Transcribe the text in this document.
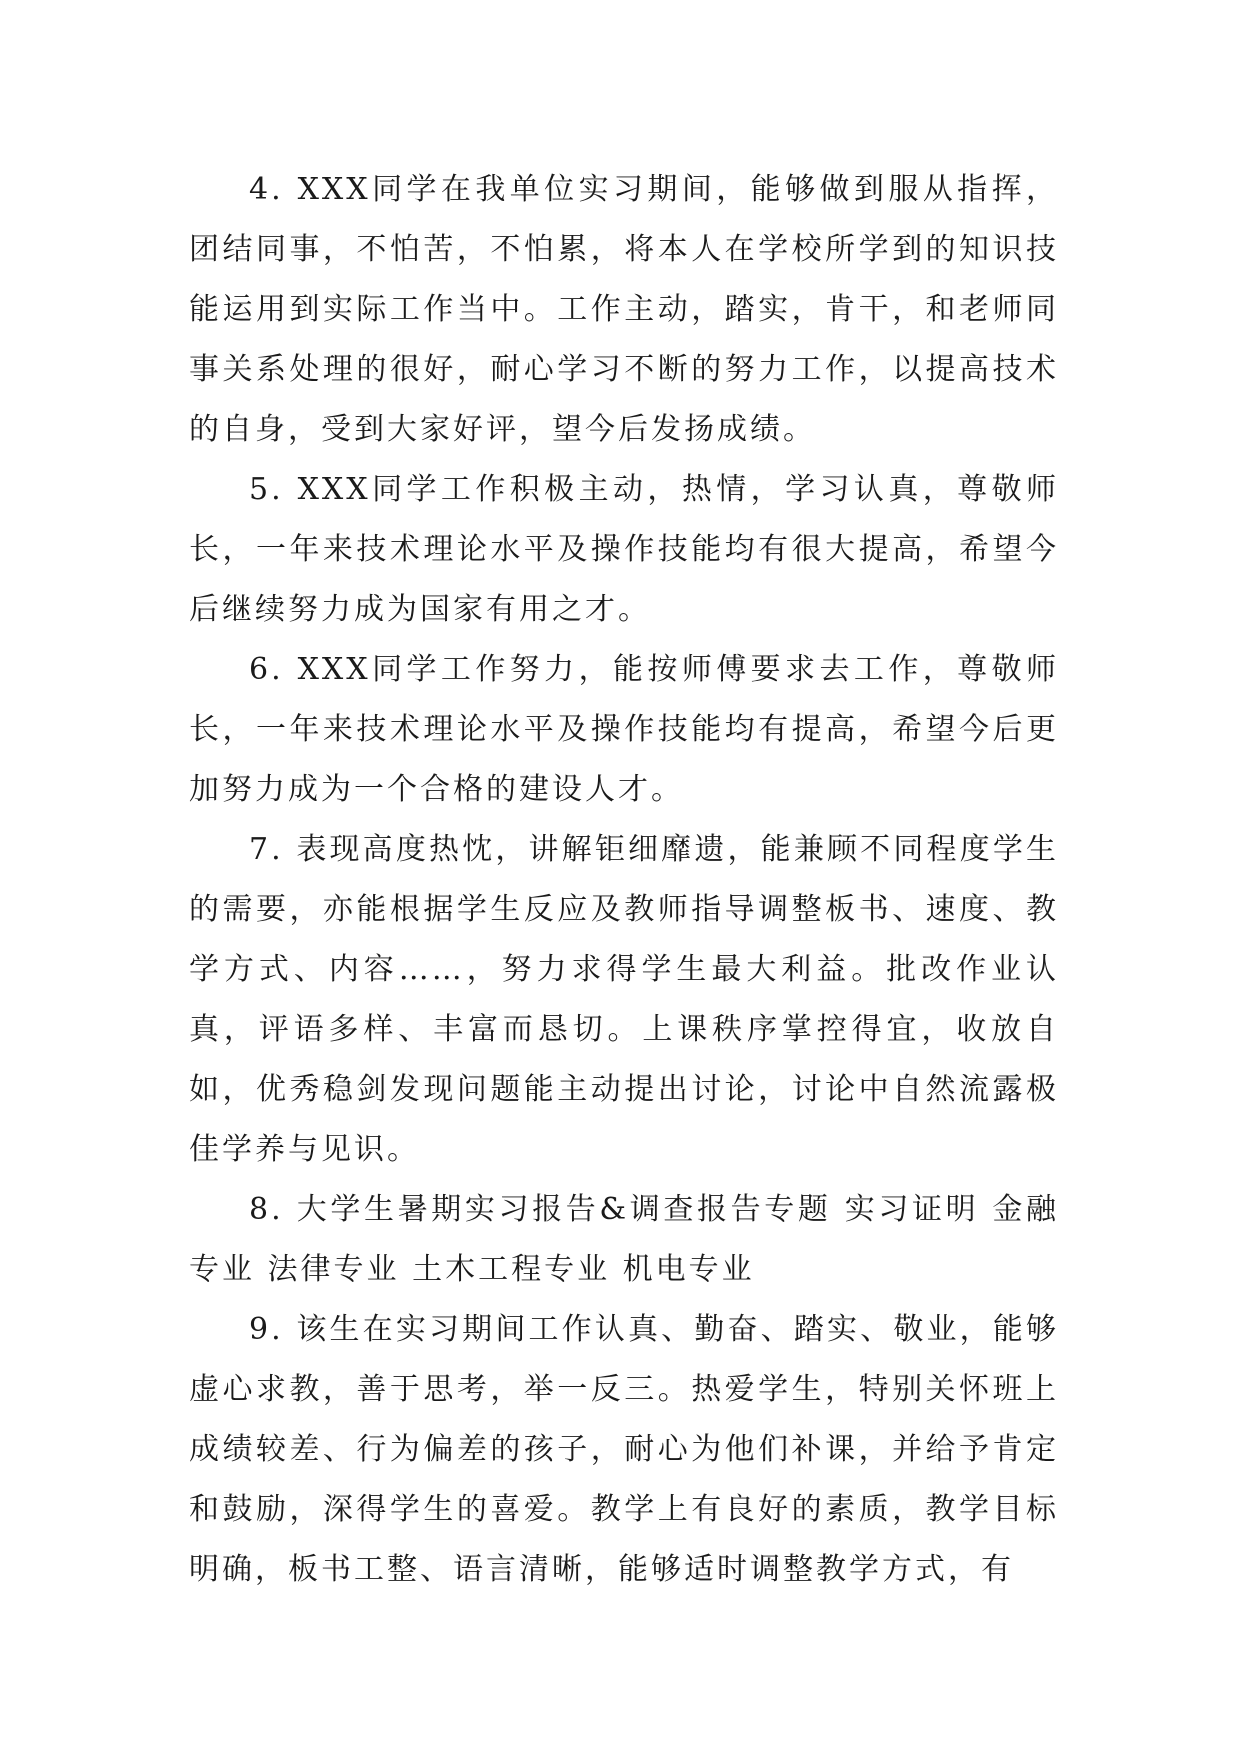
4. XXX同学在我单位实习期间，能够做到服从指挥，团结同事，不怕苦，不怕累，将本人在学校所学到的知识技能运用到实际工作当中。工作主动，踏实，肯干，和老师同事关系处理的很好，耐心学习不断的努力工作，以提高技术的自身，受到大家好评，望今后发扬成绩。

5. XXX同学工作积极主动，热情，学习认真，尊敬师长，一年来技术理论水平及操作技能均有很大提高，希望今后继续努力成为国家有用之才。

6. XXX同学工作努力，能按师傅要求去工作，尊敬师长，一年来技术理论水平及操作技能均有提高，希望今后更加努力成为一个合格的建设人才。

7. 表现高度热忱，讲解钜细靡遗，能兼顾不同程度学生的需要，亦能根据学生反应及教师指导调整板书、速度、教学方式、内容……，努力求得学生最大利益。批改作业认真，评语多样、丰富而恳切。上课秩序掌控得宜，收放自如，优秀稳剑发现问题能主动提出讨论，讨论中自然流露极佳学养与见识。

8. 大学生暑期实习报告&调查报告专题 实习证明 金融专业 法律专业 土木工程专业 机电专业

9. 该生在实习期间工作认真、勤奋、踏实、敬业，能够虚心求教，善于思考，举一反三。热爱学生，特别关怀班上成绩较差、行为偏差的孩子，耐心为他们补课，并给予肯定和鼓励，深得学生的喜爱。教学上有良好的素质，教学目标明确，板书工整、语言清晰，能够适时调整教学方式，有
